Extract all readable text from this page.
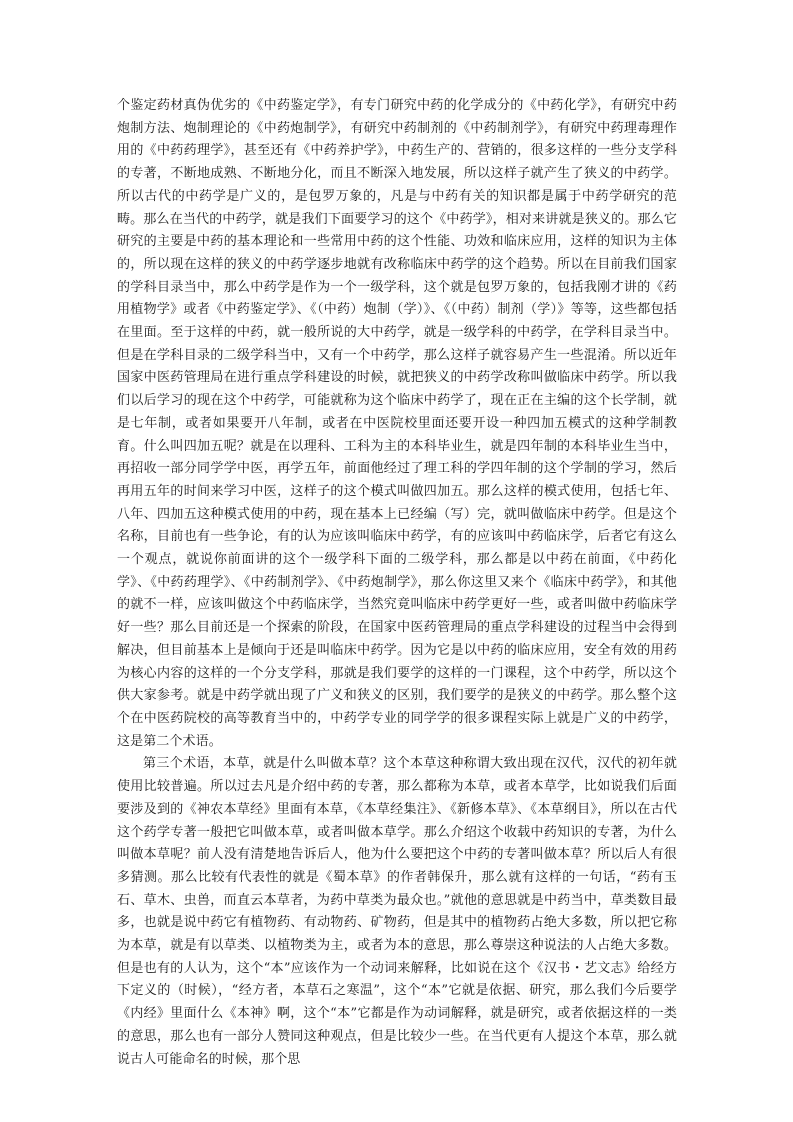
个鉴定药材真伪优劣的《中药鉴定学》，有专门研究中药的化学成分的《中药化学》，有研究中药炮制方法、炮制理论的《中药炮制学》，有研究中药制剂的《中药制剂学》，有研究中药理毒理作用的《中药药理学》，甚至还有《中药养护学》，中药生产的、营销的，很多这样的一些分支学科的专著，不断地成熟、不断地分化，而且不断深入地发展，所以这样子就产生了狭义的中药学。所以古代的中药学是广义的，是包罗万象的，凡是与中药有关的知识都是属于中药学研究的范畴。那么在当代的中药学，就是我们下面要学习的这个《中药学》，相对来讲就是狭义的。那么它研究的主要是中药的基本理论和一些常用中药的这个性能、功效和临床应用，这样的知识为主体的，所以现在这样的狭义的中药学逐步地就有改称临床中药学的这个趋势。所以在目前我们国家的学科目录当中，那么中药学是作为一个一级学科，这个就是包罗万象的，包括我刚才讲的《药用植物学》或者《中药鉴定学》、《（中药）炮制（学）》、《（中药）制剂（学）》等等，这些都包括在里面。至于这样的中药，就一般所说的大中药学，就是一级学科的中药学，在学科目录当中。但是在学科目录的二级学科当中，又有一个中药学，那么这样子就容易产生一些混淆。所以近年国家中医药管理局在进行重点学科建设的时候，就把狭义的中药学改称叫做临床中药学。所以我们以后学习的现在这个中药学，可能就称为这个临床中药学了，现在正在主编的这个长学制，就是七年制，或者如果要开八年制，或者在中医院校里面还要开设一种四加五模式的这种学制教育。什么叫四加五呢？就是在以理科、工科为主的本科毕业生，就是四年制的本科毕业生当中，再招收一部分同学学中医，再学五年，前面他经过了理工科的学四年制的这个学制的学习，然后再用五年的时间来学习中医，这样子的这个模式叫做四加五。那么这样的模式使用，包括七年、八年、四加五这种模式使用的中药，现在基本上已经编（写）完，就叫做临床中药学。但是这个名称，目前也有一些争论，有的认为应该叫临床中药学，有的应该叫中药临床学，后者它有这么一个观点，就说你前面讲的这个一级学科下面的二级学科，那么都是以中药在前面，《中药化学》、《中药药理学》、《中药制剂学》、《中药炮制学》，那么你这里又来个《临床中药学》，和其他的就不一样，应该叫做这个中药临床学，当然究竟叫临床中药学更好一些，或者叫做中药临床学好一些？那么目前还是一个探索的阶段，在国家中医药管理局的重点学科建设的过程当中会得到解决，但目前基本上是倾向于还是叫临床中药学。因为它是以中药的临床应用，安全有效的用药为核心内容的这样的一个分支学科，那就是我们要学的这样的一门课程，这个中药学，所以这个供大家参考。就是中药学就出现了广义和狭义的区别，我们要学的是狭义的中药学。那么整个这个在中医药院校的高等教育当中的，中药学专业的同学学的很多课程实际上就是广义的中药学，这是第二个术语。

第三个术语，本草，就是什么叫做本草？这个本草这种称谓大致出现在汉代，汉代的初年就使用比较普遍。所以过去凡是介绍中药的专著，那么都称为本草，或者本草学，比如说我们后面要涉及到的《神农本草经》里面有本草，《本草经集注》、《新修本草》、《本草纲目》，所以在古代这个药学专著一般把它叫做本草，或者叫做本草学。那么介绍这个收载中药知识的专著，为什么叫做本草呢？前人没有清楚地告诉后人，他为什么要把这个中药的专著叫做本草？所以后人有很多猜测。那么比较有代表性的就是《蜀本草》的作者韩保升，那么就有这样的一句话，“药有玉石、草木、虫兽，而直云本草者，为药中草类为最众也。”就他的意思就是中药当中，草类数目最多，也就是说中药它有植物药、有动物药、矿物药，但是其中的植物药占绝大多数，所以把它称为本草，就是有以草类、以植物类为主，或者为本的意思，那么尊崇这种说法的人占绝大多数。但是也有的人认为，这个“本”应该作为一个动词来解释，比如说在这个《汉书・艺文志》给经方下定义的（时候），“经方者，本草石之寒温”，这个“本”它就是依据、研究，那么我们今后要学《内经》里面什么《本神》啊，这个“本”它都是作为动词解释，就是研究，或者依据这样的一类的意思，那么也有一部分人赞同这种观点，但是比较少一些。在当代更有人提这个本草，那么就说古人可能命名的时候，那个思
